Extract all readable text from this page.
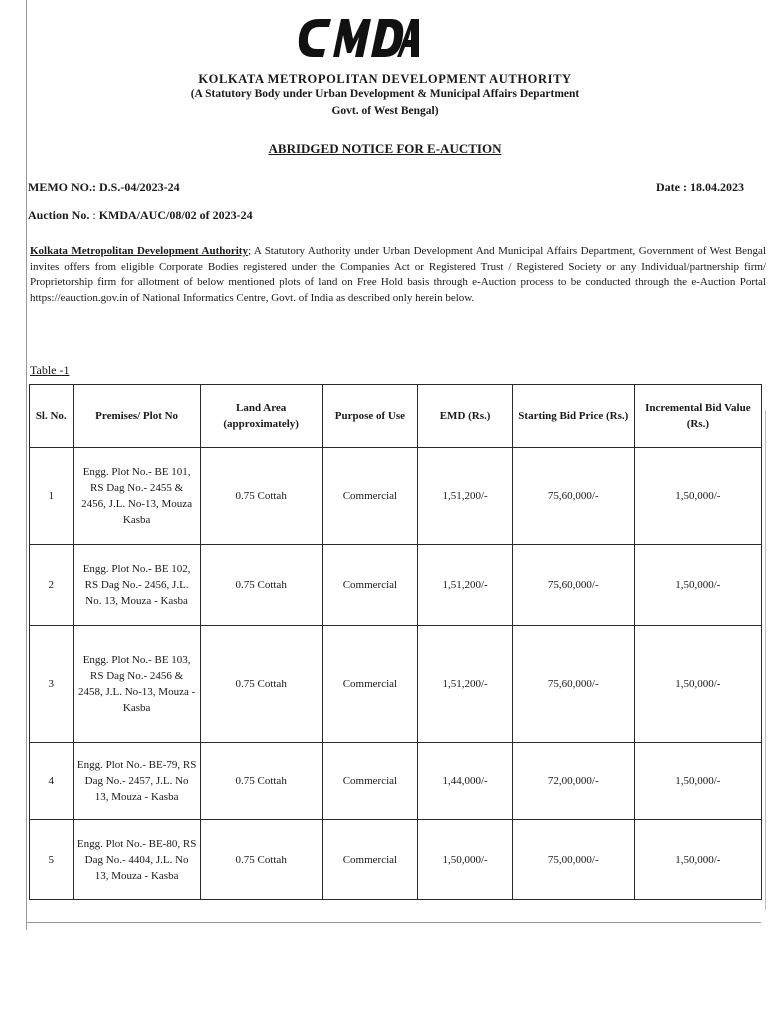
KOLKATA METROPOLITAN DEVELOPMENT AUTHORITY
(A Statutory Body under Urban Development & Municipal Affairs Department
Govt. of West Bengal)
ABRIDGED NOTICE FOR E-AUCTION
MEMO NO.: D.S.-04/2023-24	Date : 18.04.2023
Auction No. : KMDA/AUC/08/02 of 2023-24
Kolkata Metropolitan Development Authority; A Statutory Authority under Urban Development And Municipal Affairs Department, Government of West Bengal invites offers from eligible Corporate Bodies registered under the Companies Act or Registered Trust / Registered Society or any Individual/partnership firm/ Proprietorship firm for allotment of below mentioned plots of land on Free Hold basis through e-Auction process to be conducted through the e-Auction Portal https://eauction.gov.in of National Informatics Centre, Govt. of India as described only herein below.
Table -1
Sl. No.	Premises/ Plot No	Land Area (approximately)	Purpose of Use	EMD (Rs.)	Starting Bid Price (Rs.)	Incremental Bid Value (Rs.)
1	Engg. Plot No.- BE 101, RS Dag No.- 2455 & 2456, J.L. No-13, Mouza Kasba	0.75 Cottah	Commercial	1,51,200/-	75,60,000/-	1,50,000/-
2	Engg. Plot No.- BE 102, RS Dag No.- 2456, J.L. No. 13, Mouza - Kasba	0.75 Cottah	Commercial	1,51,200/-	75,60,000/-	1,50,000/-
3	Engg. Plot No.- BE 103, RS Dag No.- 2456 & 2458, J.L. No-13, Mouza - Kasba	0.75 Cottah	Commercial	1,51,200/-	75,60,000/-	1,50,000/-
4	Engg. Plot No.- BE-79, RS Dag No.- 2457, J.L. No 13, Mouza - Kasba	0.75 Cottah	Commercial	1,44,000/-	72,00,000/-	1,50,000/-
5	Engg. Plot No.- BE-80, RS Dag No.- 4404, J.L. No 13, Mouza - Kasba	0.75 Cottah	Commercial	1,50,000/-	75,00,000/-	1,50,000/-
